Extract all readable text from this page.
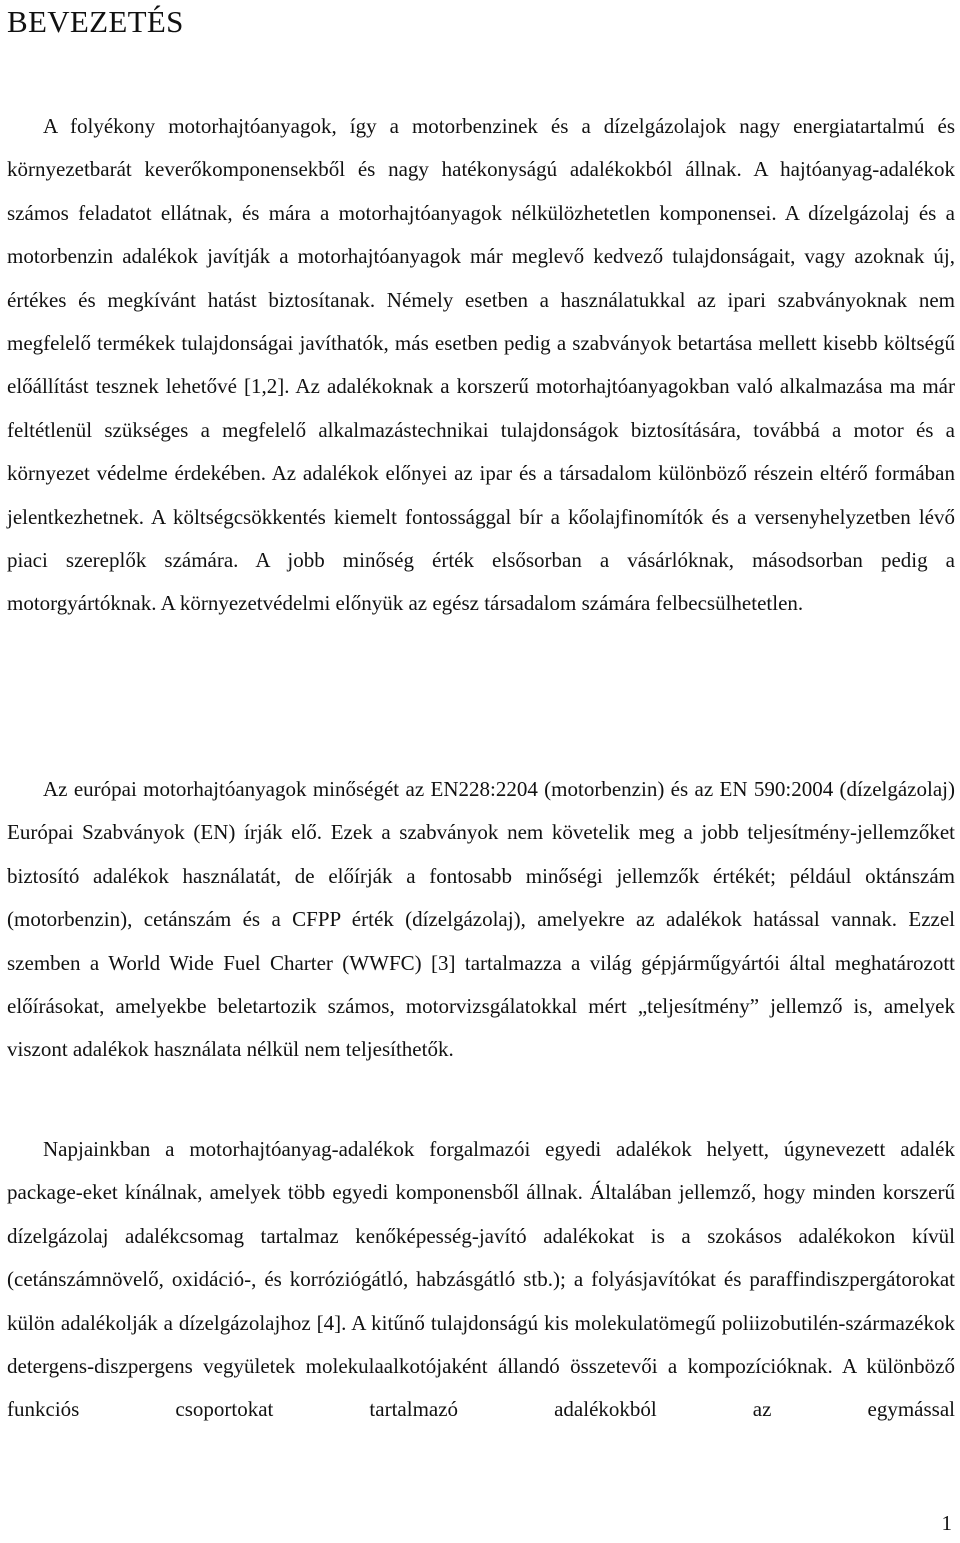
BEVEZETÉS

A folyékony motorhajtóanyagok, így a motorbenzinek és a dízelgázolajok nagy energiatartalmú és környezetbarát keverőkomponensekből és nagy hatékonyságú adalékokból állnak. A hajtóanyag-adalékok számos feladatot ellátnak, és mára a motorhajtóanyagok nélkülözhetetlen komponensei. A dízelgázolaj és a motorbenzin adalékok javítják a motorhajtóanyagok már meglevő kedvező tulajdonságait, vagy azoknak új, értékes és megkívánt hatást biztosítanak. Némely esetben a használatukkal az ipari szabványoknak nem megfelelő termékek tulajdonságai javíthatók, más esetben pedig a szabványok betartása mellett kisebb költségű előállítást tesznek lehetővé [1,2]. Az adalékoknak a korszerű motorhajtóanyagokban való alkalmazása ma már feltétlenül szükséges a megfelelő alkalmazástechnikai tulajdonságok biztosítására, továbbá a motor és a környezet védelme érdekében. Az adalékok előnyei az ipar és a társadalom különböző részein eltérő formában jelentkezhetnek. A költségcsökkentés kiemelt fontossággal bír a kőolajfinomítók és a versenyhelyzetben lévő piaci szereplők számára. A jobb minőség érték elsősorban a vásárlóknak, másodsorban pedig a motorgyártóknak. A környezetvédelmi előnyük az egész társadalom számára felbecsülhetetlen.

Az európai motorhajtóanyagok minőségét az EN228:2204 (motorbenzin) és az EN 590:2004 (dízelgázolaj) Európai Szabványok (EN) írják elő. Ezek a szabványok nem követelik meg a jobb teljesítmény-jellemzőket biztosító adalékok használatát, de előírják a fontosabb minőségi jellemzők értékét; például oktánszám (motorbenzin), cetánszám és a CFPP érték (dízelgázolaj), amelyekre az adalékok hatással vannak. Ezzel szemben a World Wide Fuel Charter (WWFC) [3] tartalmazza a világ gépjárműgyártói által meghatározott előírásokat, amelyekbe beletartozik számos, motorvizsgálatokkal mért „teljesítmény” jellemző is, amelyek viszont adalékok használata nélkül nem teljesíthetők.

Napjainkban a motorhajtóanyag-adalékok forgalmazói egyedi adalékok helyett, úgynevezett adalék package-eket kínálnak, amelyek több egyedi komponensből állnak. Általában jellemző, hogy minden korszerű dízelgázolaj adalékcsomag tartalmaz kenőképesség-javító adalékokat is a szokásos adalékokon kívül (cetánszámnövelő, oxidáció-, és korróziógátló, habzásgátló stb.); a folyásjavítókat és paraffindiszpergátorokat külön adalékolják a dízelgázolajhoz [4]. A kitűnő tulajdonságú kis molekulatömegű poliizobutilén-származékok detergens-diszpergens vegyületek molekulaalkotójaként állandó összetevői a kompozícióknak. A különböző funkciós csoportokat tartalmazó adalékokból az egymással

1
